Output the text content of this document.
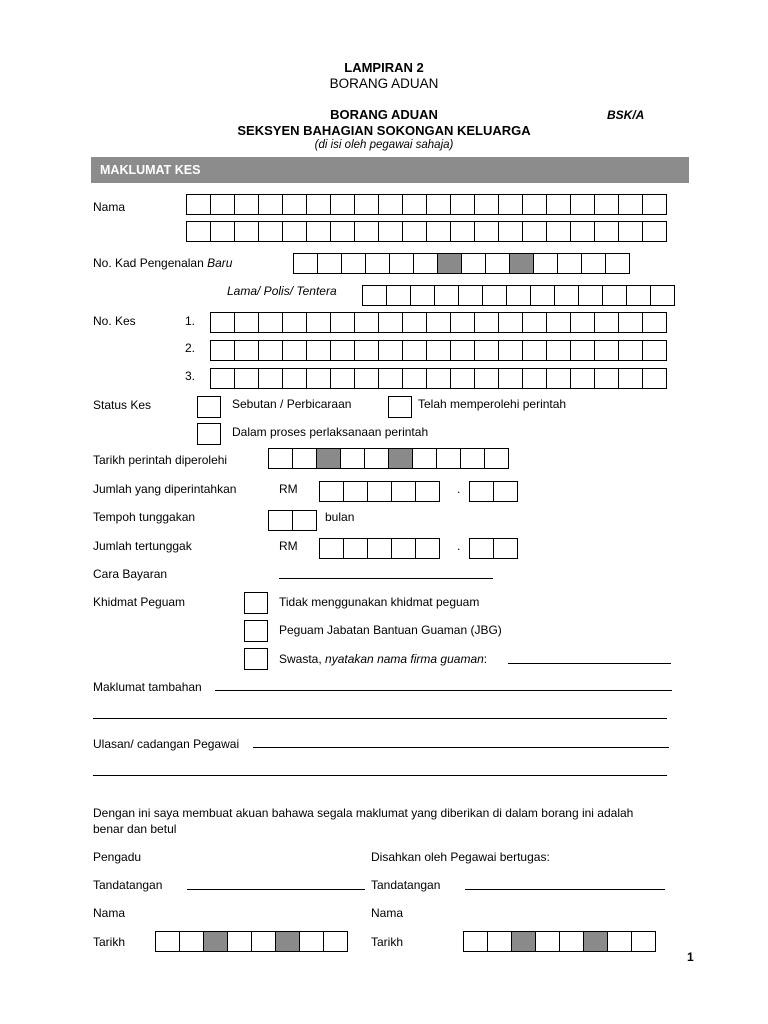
LAMPIRAN 2
BORANG ADUAN
BORANG ADUAN	BSK/A
SEKSYEN BAHAGIAN SOKONGAN KELUARGA
(di isi oleh pegawai sahaja)
MAKLUMAT KES
Nama
No. Kad Pengenalan Baru
Lama/ Polis/ Tentera
No. Kes	1.
2.
3.
Status Kes	Sebutan / Perbicaraan	Telah memperolehi perintah
Dalam proses perlaksanaan perintah
Tarikh perintah diperolehi
Jumlah yang diperintahkan	RM	.
Tempoh tunggakan	bulan
Jumlah tertunggak	RM	.
Cara Bayaran
Khidmat Peguam	Tidak menggunakan khidmat peguam
Peguam Jabatan Bantuan Guaman (JBG)
Swasta, nyatakan nama firma guaman:
Maklumat tambahan
Ulasan/ cadangan Pegawai
Dengan ini saya membuat akuan bahawa segala maklumat yang diberikan di dalam borang ini adalah
benar dan betul
Pengadu	Disahkan oleh Pegawai bertugas:
Tandatangan	Tandatangan
Nama	Nama
Tarikh	Tarikh
1
